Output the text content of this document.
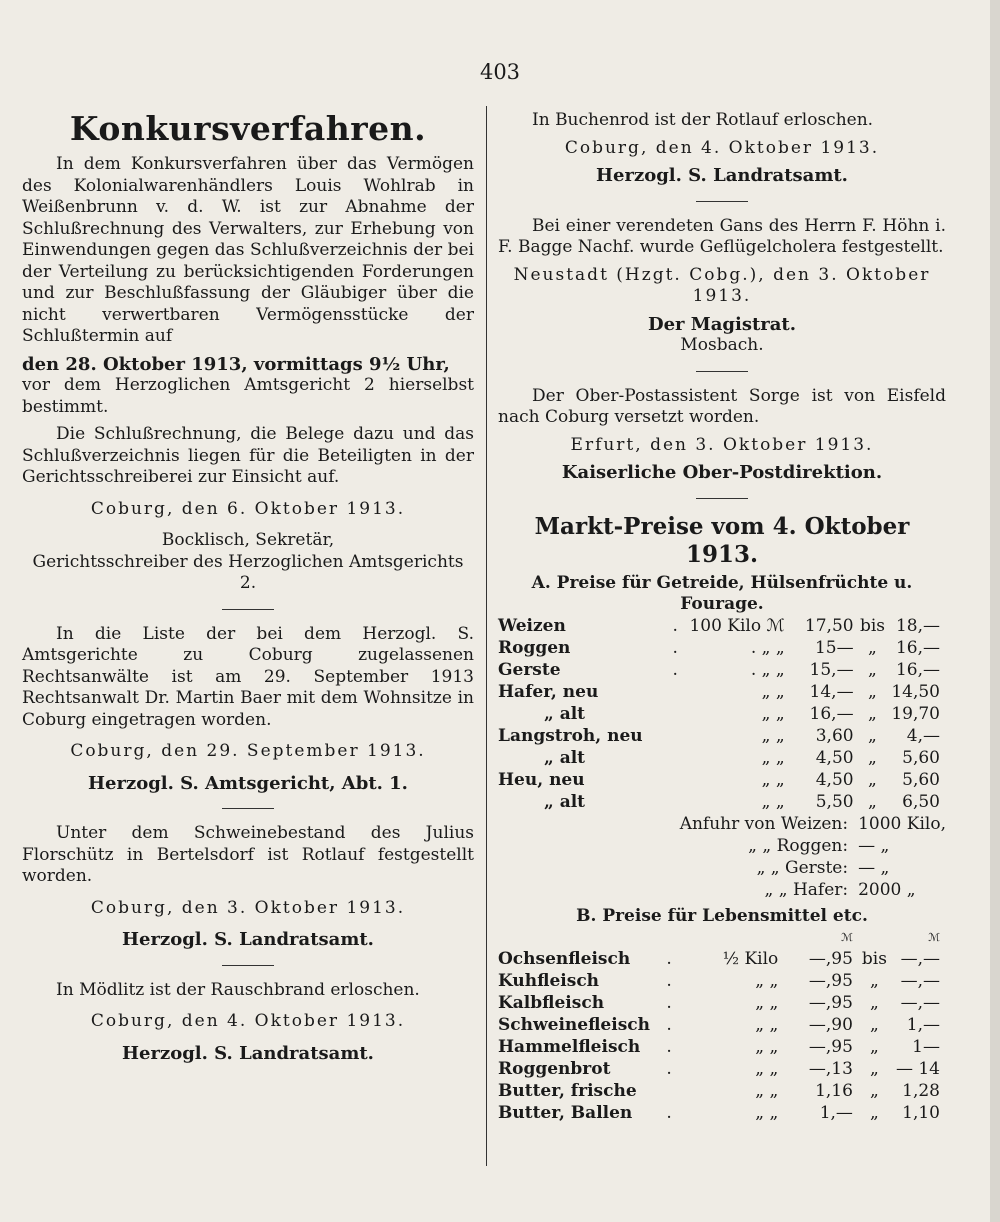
403
Konkursverfahren.

In dem Konkursverfahren über das Vermögen des Kolonialwarenhändlers Louis Wohlrab in Weißenbrunn v. d. W. ist zur Abnahme der Schlußrechnung des Verwalters, zur Erhebung von Einwendungen gegen das Schlußverzeichnis der bei der Verteilung zu berücksichtigenden Forderungen und zur Beschlußfassung der Gläubiger über die nicht verwertbaren Vermögensstücke der Schlußtermin auf

den 28. Oktober 1913, vormittags 9½ Uhr,

vor dem Herzoglichen Amtsgericht 2 hierselbst bestimmt.

Die Schlußrechnung, die Belege dazu und das Schlußverzeichnis liegen für die Beteiligten in der Gerichtsschreiberei zur Einsicht auf.

Coburg, den 6. Oktober 1913.

Bocklisch, Sekretär,

Gerichtsschreiber des Herzoglichen Amtsgerichts 2.

In die Liste der bei dem Herzogl. S. Amtsgerichte zu Coburg zugelassenen Rechtsanwälte ist am 29. September 1913 Rechtsanwalt Dr. Martin Baer mit dem Wohnsitze in Coburg eingetragen worden.

Coburg, den 29. September 1913.

Herzogl. S. Amtsgericht, Abt. 1.

Unter dem Schweinebestand des Julius Florschütz in Bertelsdorf ist Rotlauf festgestellt worden.

Coburg, den 3. Oktober 1913.

Herzogl. S. Landratsamt.

In Mödlitz ist der Rauschbrand erloschen.

Coburg, den 4. Oktober 1913.

Herzogl. S. Landratsamt.

In Buchenrod ist der Rotlauf erloschen.

Coburg, den 4. Oktober 1913.

Herzogl. S. Landratsamt.

Bei einer verendeten Gans des Herrn F. Höhn i. F. Bagge Nachf. wurde Geflügelcholera festgestellt.

Neustadt (Hzgt. Cobg.), den 3. Oktober 1913.

Der Magistrat.

Mosbach.

Der Ober-Postassistent Sorge ist von Eisfeld nach Coburg versetzt worden.

Erfurt, den 3. Oktober 1913.

Kaiserliche Ober-Postdirektion.

Markt-Preise vom 4. Oktober 1913.
A. Preise für Getreide, Hülsenfrüchte u. Fourage.
Weizen	.	100 Kilo ℳ	17,50	bis	18,—
Roggen	.	. „ „	15—	„	16,—
Gerste	.	. „ „	15,—	„	16,—
Hafer, neu		„ „	14,—	„	14,50
„ alt		„ „	16,—	„	19,70
Langstroh, neu		„ „	3,60	„	4,—
„ alt		„ „	4,50	„	5,60
Heu, neu		„ „	4,50	„	5,60
„ alt		„ „	5,50	„	6,50
Anfuhr von Weizen:	1000 Kilo,
„ „ Roggen:	— „
„ „ Gerste:	— „
„ „ Hafer:	2000 „
B. Preise für Lebensmittel etc.
			ℳ		ℳ
Ochsenfleisch	.	½ Kilo	—,95	bis	—,—
Kuhfleisch	.	„ „	—,95	„	—,—
Kalbfleisch	.	„ „	—,95	„	—,—
Schweinefleisch	.	„ „	—,90	„	1,—
Hammelfleisch	.	„ „	—,95	„	1—
Roggenbrot	.	„ „	—,13	„	— 14
Butter, frische		„ „	1,16	„	1,28
Butter, Ballen	.	„ „	1,—	„	1,10
